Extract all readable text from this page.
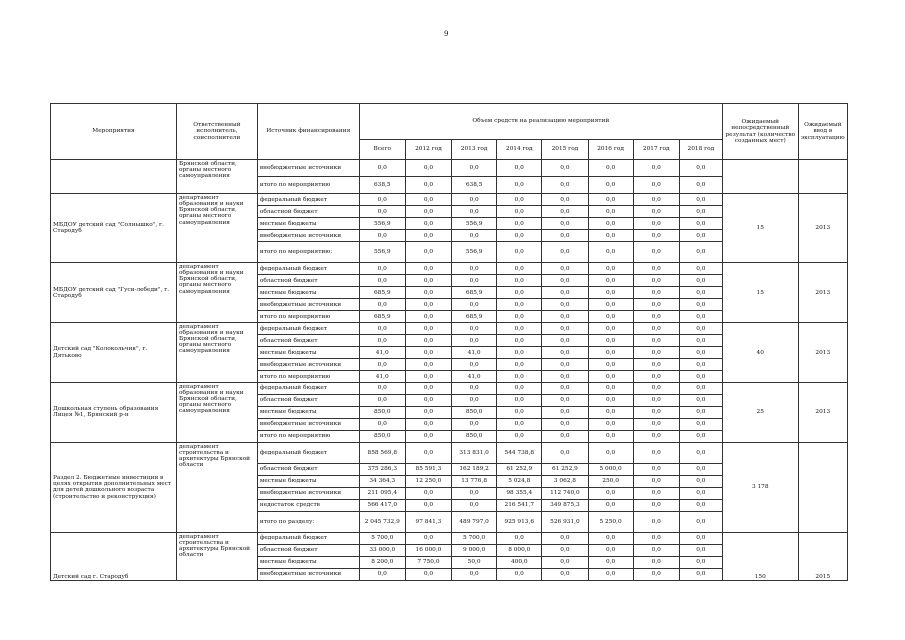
9
Мероприятия	Ответственный исполнитель, соисполнители	Источник финансирования	Объем средств на реализацию мероприятий								Ожидаемый непосредственный результат (количество созданных мест)	Ожидаемый ввод в эксплуатацию
			Всего	2012 год	2013 год	2014 год	2015 год	2016 год	2017 год	2018 год		
	Брянской области, органы местного самоуправления	внебюджетные источники	0,0	0,0	0,0	0,0	0,0	0,0	0,0	0,0		
		итого по мероприятию	638,5	0,0	638,5	0,0	0,0	0,0	0,0	0,0		
МБДОУ детский сад "Солнышко", г. Стародуб	департамент образования и науки Брянской области, органы местного самоуправления	федеральный бюджет	0,0	0,0	0,0	0,0	0,0	0,0	0,0	0,0	15	2013
		областной бюджет	0,0	0,0	0,0	0,0	0,0	0,0	0,0	0,0		
		местные бюджеты	556,9	0,0	556,9	0,0	0,0	0,0	0,0	0,0		
		внебюджетные источники	0,0	0,0	0,0	0,0	0,0	0,0	0,0	0,0		
		итого по мероприятию:	556,9	0,0	556,9	0,0	0,0	0,0	0,0	0,0		
МБДОУ детский сад "Гуси-лебеди", г. Стародуб	департамент образования и науки Брянской области, органы местного самоуправления	федеральный бюджет	0,0	0,0	0,0	0,0	0,0	0,0	0,0	0,0	15	2013
		областной бюджет	0,0	0,0	0,0	0,0	0,0	0,0	0,0	0,0		
		местные бюджеты	685,9	0,0	685,9	0,0	0,0	0,0	0,0	0,0		
		внебюджетные источники	0,0	0,0	0,0	0,0	0,0	0,0	0,0	0,0		
		итого по мероприятию	685,9	0,0	685,9	0,0	0,0	0,0	0,0	0,0		
Детский сад "Колокольчик", г. Дятьково	департамент образования и науки Брянской области, органы местного самоуправления	федеральный бюджет	0,0	0,0	0,0	0,0	0,0	0,0	0,0	0,0	40	2013
		областной бюджет	0,0	0,0	0,0	0,0	0,0	0,0	0,0	0,0		
		местные бюджеты	41,0	0,0	41,0	0,0	0,0	0,0	0,0	0,0		
		внебюджетные источники	0,0	0,0	0,0	0,0	0,0	0,0	0,0	0,0		
		итого по мероприятию	41,0	0,0	41,0	0,0	0,0	0,0	0,0	0,0		
Дошкольная ступень образования Лицея №1, Брянский р-н	департамент образования и науки Брянской области, органы местного самоуправления	федеральный бюджет	0,0	0,0	0,0	0,0	0,0	0,0	0,0	0,0	25	2013
		областной бюджет	0,0	0,0	0,0	0,0	0,0	0,0	0,0	0,0		
		местные бюджеты	850,0	0,0	850,0	0,0	0,0	0,0	0,0	0,0		
		внебюджетные источники	0,0	0,0	0,0	0,0	0,0	0,0	0,0	0,0		
		итого по мероприятию	850,0	0,0	850,0	0,0	0,0	0,0	0,0	0,0		
Раздел 2. Бюджетные инвестиции в целях открытия дополнительных мест для детей дошкольного возраста (строительство и реконструкция)	департамент строительства и архитектуры Брянской области	федеральный бюджет	858 569,8	0,0	313 831,0	544 738,8	0,0	0,0	0,0	0,0	3 178	
		областной бюджет	375 286,3	85 591,3	162 189,2	61 252,9	61 252,9	5 000,0	0,0	0,0		
		местные бюджеты	34 364,3	12 250,0	13 776,8	5 024,8	3 062,8	250,0	0,0	0,0		
		внебюджетные источники	211 095,4	0,0	0,0	98 355,4	112 740,0	0,0	0,0	0,0		
		недостаток средств	566 417,0	0,0	0,0	216 541,7	349 875,3	0,0	0,0	0,0		
		итого по разделу:	2 045 732,9	97 841,3	489 797,0	925 913,6	526 931,0	5 250,0	0,0	0,0		
Детский сад г. Стародуб	департамент строительства и архитектуры Брянской области	федеральный бюджет	5 700,0	0,0	5 700,0	0,0	0,0	0,0	0,0	0,0	150	2015
		областной бюджет	33 000,0	16 000,0	9 000,0	8 000,0	0,0	0,0	0,0	0,0		
		местные бюджеты	8 200,0	7 750,0	50,0	400,0	0,0	0,0	0,0	0,0		
		внебюджетные источники	0,0	0,0	0,0	0,0	0,0	0,0	0,0	0,0		
